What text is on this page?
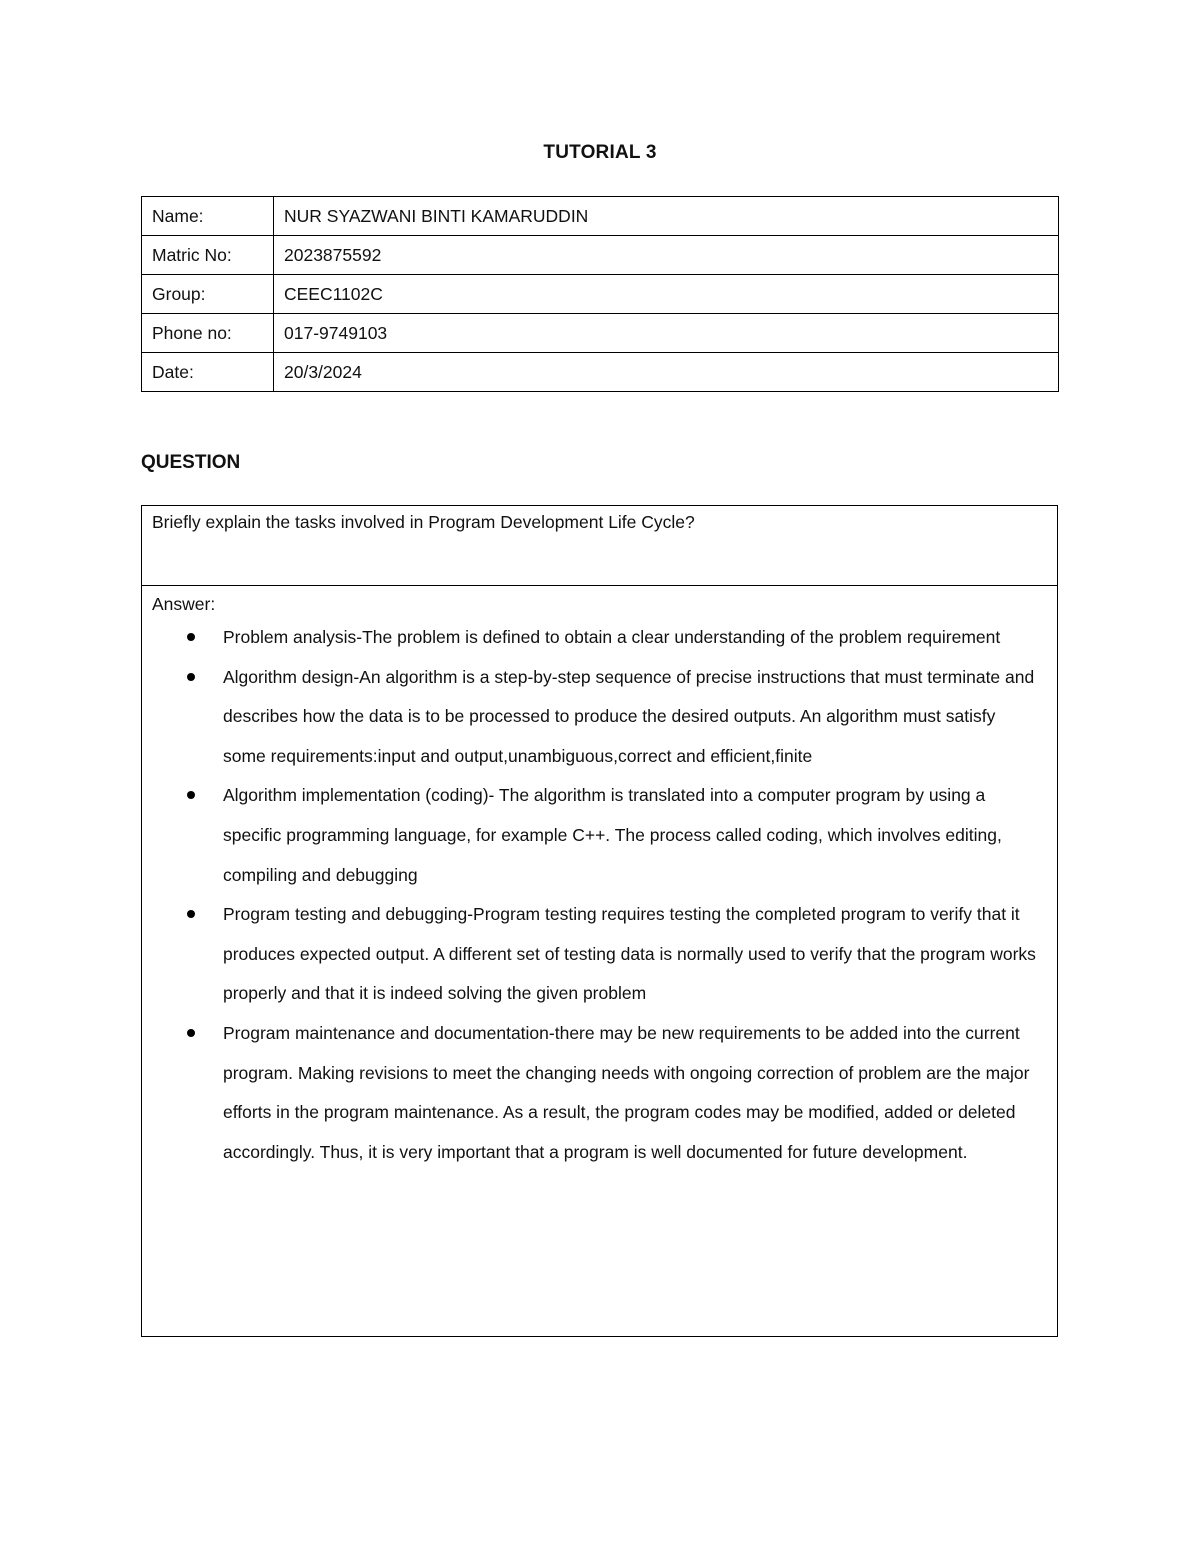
TUTORIAL 3
Name:	NUR SYAZWANI BINTI KAMARUDDIN
Matric No:	2023875592
Group:	CEEC1102C
Phone no:	017-9749103
Date:	20/3/2024
QUESTION
Briefly explain the tasks involved in Program Development Life Cycle?
Answer:
Problem analysis-The problem is defined to obtain a clear understanding of the problem requirement
Algorithm design-An algorithm is a step-by-step sequence of precise instructions that must terminate and describes how the data is to be processed to produce the desired outputs. An algorithm must satisfy some requirements:input and output,unambiguous,correct and efficient,finite
Algorithm implementation (coding)- The algorithm is translated into a computer program by using a specific programming language, for example C++. The process called coding, which involves editing, compiling and debugging
Program testing and debugging-Program testing requires testing the completed program to verify that it produces expected output. A different set of testing data is normally used to verify that the program works properly and that it is indeed solving the given problem
Program maintenance and documentation-there may be new requirements to be added into the current program. Making revisions to meet the changing needs with ongoing correction of problem are the major efforts in the program maintenance. As a result, the program codes may be modified, added or deleted accordingly. Thus, it is very important that a program is well documented for future development.
